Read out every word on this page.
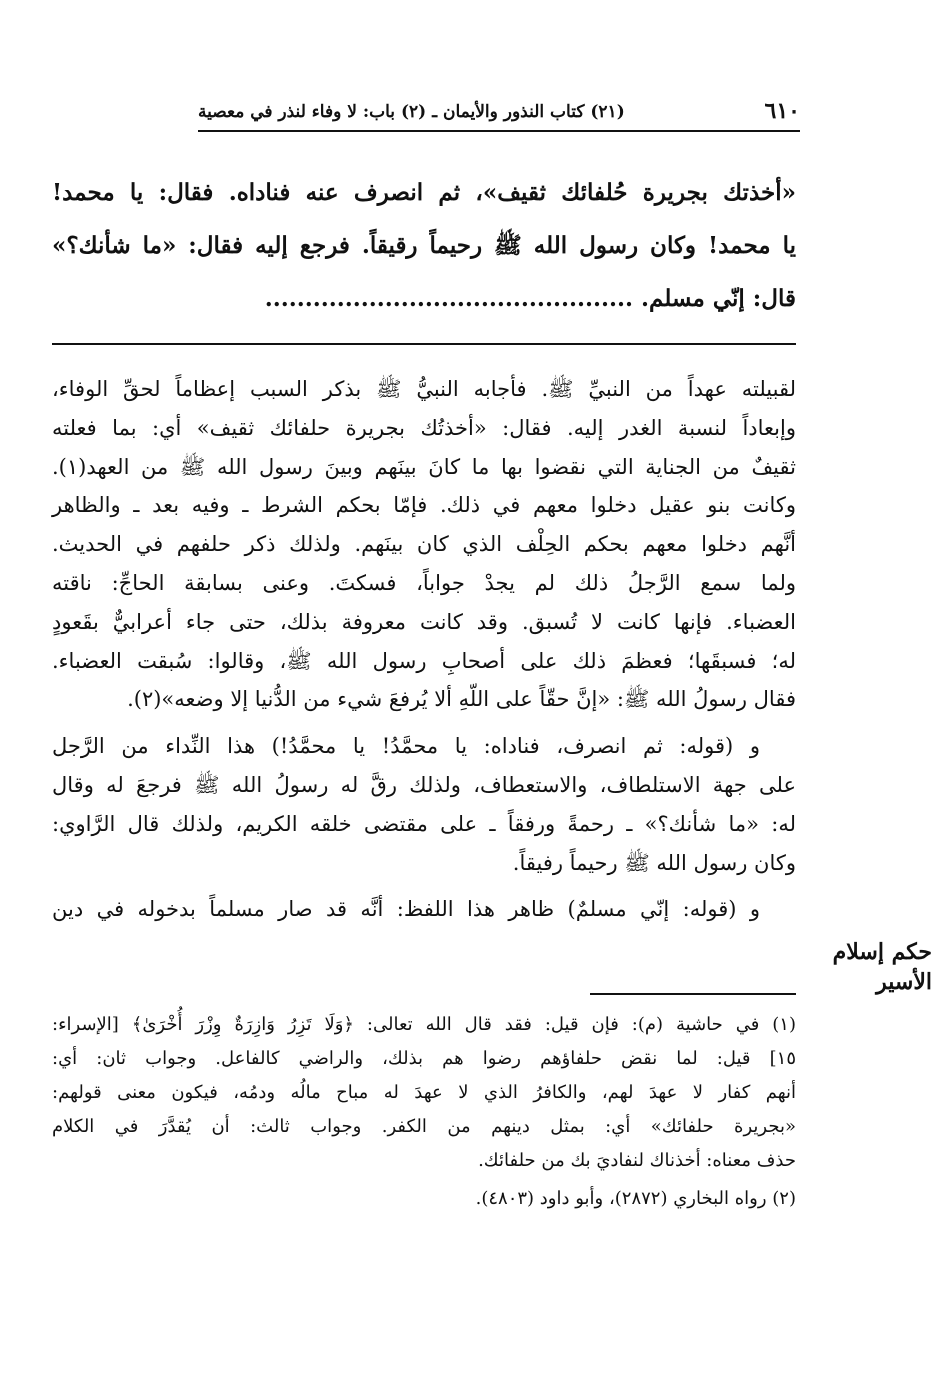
٦١٠
(٢١) كتاب النذور والأيمان ـ (٢) باب: لا وفاء لنذر في معصية
«أخذتك بجريرة حُلفائك ثقيف»، ثم انصرف عنه فناداه. فقال: يا محمد!
يا محمد! وكان رسول الله ﷺ رحيماً رقيقاً. فرجع إليه فقال: «ما شأنك؟»
قال: إنّي مسلم. ..............................................
لقبيلته عهداً من النبيِّ ﷺ. فأجابه النبيُّ ﷺ بذكر السبب إعظاماً لحقِّ الوفاء،
وإبعاداً لنسبة الغدر إليه. فقال: «أخذتُك بجريرة حلفائك ثقيف» أي: بما فعلته
ثقيفٌ من الجناية التي نقضوا بها ما كانَ بينَهم وبينَ رسول الله ﷺ من العهد(١).
وكانت بنو عقيل دخلوا معهم في ذلك. فإمّا بحكم الشرط ـ وفيه بعد ـ والظاهر
أنَّهم دخلوا معهم بحكم الحِلْف الذي كان بينَهم. ولذلك ذكر حلفهم في الحديث.
ولما سمع الرَّجلُ ذلك لم يجدْ جواباً، فسكتَ. وعنى بسابقة الحاجِّ: ناقته
العضباء. فإنها كانت لا تُسبق. وقد كانت معروفة بذلك، حتى جاء أعرابيٌّ بقَعودٍ
له؛ فسبقَها؛ فعظمَ ذلك على أصحابِ رسول الله ﷺ، وقالوا: سُبقت العضباء.
فقال رسولُ الله ﷺ: «إنَّ حقّاً على اللّهِ ألا يُرفعَ شيء من الدُّنيا إلا وضعه»(٢).
و (قوله: ثم انصرف، فناداه: يا محمَّدُ! يا محمَّدُ!) هذا النِّداء من الرَّجل
على جهة الاستلطاف، والاستعطاف، ولذلك رقَّ له رسولُ الله ﷺ فرجعَ له وقال
له: «ما شأنك؟» ـ رحمةً ورفقاً ـ على مقتضى خلقه الكريم، ولذلك قال الرَّاوي:
وكان رسول الله ﷺ رحيماً رفيقاً.
و (قوله: إنّي مسلمٌ) ظاهر هذا اللفظ: أنَّه قد صار مسلماً بدخوله في دين
حكم إسلام
الأسير
(١) في حاشية (م): فإن قيل: فقد قال الله تعالى: ﴿وَلَا تَزِرُ وَازِرَةٌ وِزْرَ أُخْرَىٰ﴾ [الإسراء:
١٥] قيل: لما نقض حلفاؤهم رضوا هم بذلك، والراضي كالفاعل. وجواب ثان: أي:
أنهم كفار لا عهدَ لهم، والكافرُ الذي لا عهدَ له مباح مالُه ودمُه، فيكون معنى قولهم:
«بجريرة حلفائك» أي: بمثل دينهم من الكفر. وجواب ثالث: أن يُقدَّرَ في الكلام
حذف معناه: أخذناك لنفاديَ بك من حلفائك.
(٢) رواه البخاري (٢٨٧٢)، وأبو داود (٤٨٠٣).
